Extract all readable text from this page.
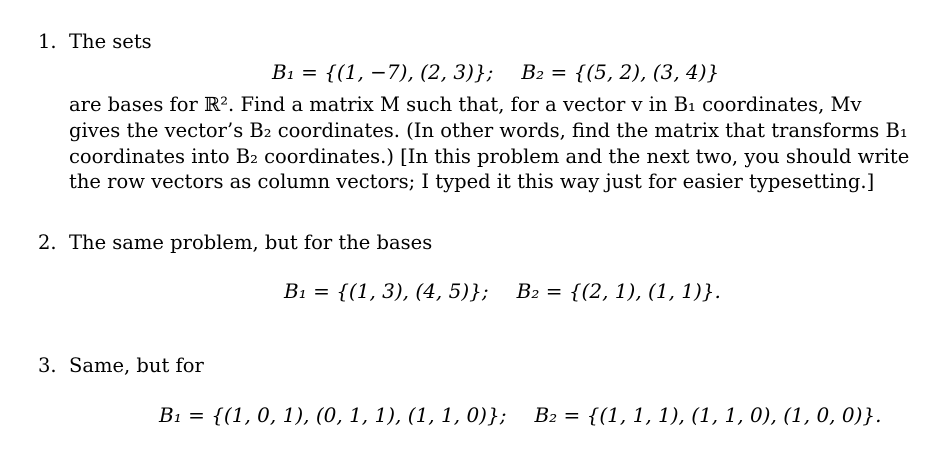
1. The sets
B₁ = {(1, −7), (2, 3)}; B₂ = {(5, 2), (3, 4)}
are bases for ℝ². Find a matrix M such that, for a vector v in B₁ coordinates, Mv
gives the vector’s B₂ coordinates. (In other words, find the matrix that transforms B₁
coordinates into B₂ coordinates.) [In this problem and the next two, you should write
the row vectors as column vectors; I typed it this way just for easier typesetting.]
2. The same problem, but for the bases
B₁ = {(1, 3), (4, 5)}; B₂ = {(2, 1), (1, 1)}.
3. Same, but for
B₁ = {(1, 0, 1), (0, 1, 1), (1, 1, 0)}; B₂ = {(1, 1, 1), (1, 1, 0), (1, 0, 0)}.
